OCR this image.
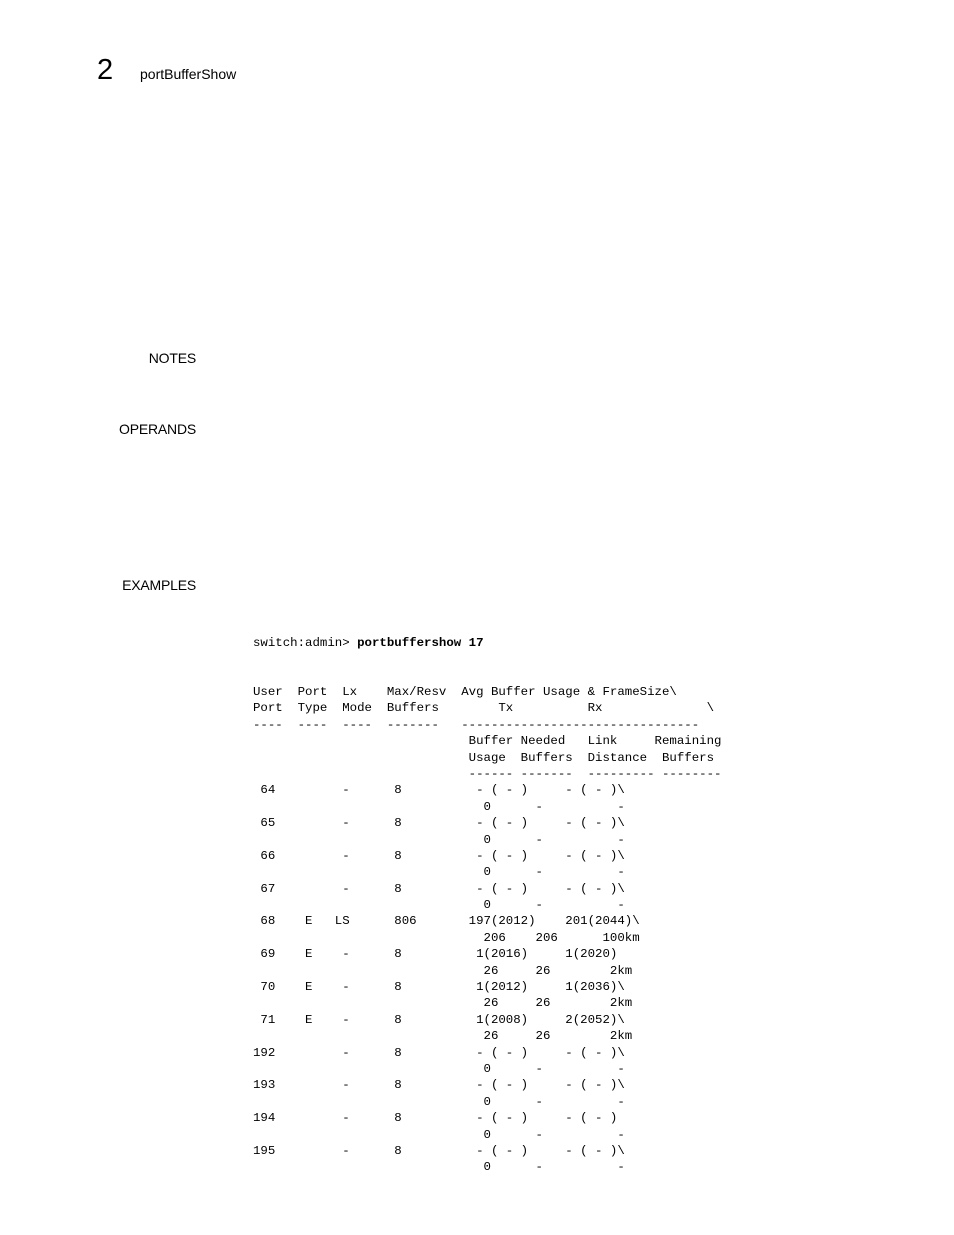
2 portBufferShow
NOTES
OPERANDS
EXAMPLES

switch:admin> portbuffershow 17

User  Port  Lx    Max/Resv  Avg Buffer Usage & FrameSize\
Port  Type  Mode  Buffers        Tx          Rx              \
----  ----  ----  -------   --------------------------------
Buffer Needed   Link     Remaining
Usage  Buffers  Distance  Buffers
------ -------  --------- --------
64         -      8          - ( - )     - ( - )\
0      -          -
65         -      8          - ( - )     - ( - )\
0      -          -
66         -      8          - ( - )     - ( - )\
0      -          -
67         -      8          - ( - )     - ( - )\
0      -          -
68    E   LS      806       197(2012)    201(2044)\
206    206      100km
69    E    -      8          1(2016)     1(2020)
26     26        2km
70    E    -      8          1(2012)     1(2036)\
26     26        2km
71    E    -      8          1(2008)     2(2052)\
26     26        2km
192         -      8          - ( - )     - ( - )\
0      -          -
193         -      8          - ( - )     - ( - )\
0      -          -
194         -      8          - ( - )     - ( - )
0      -          -
195         -      8          - ( - )     - ( - )\
0      -          -
